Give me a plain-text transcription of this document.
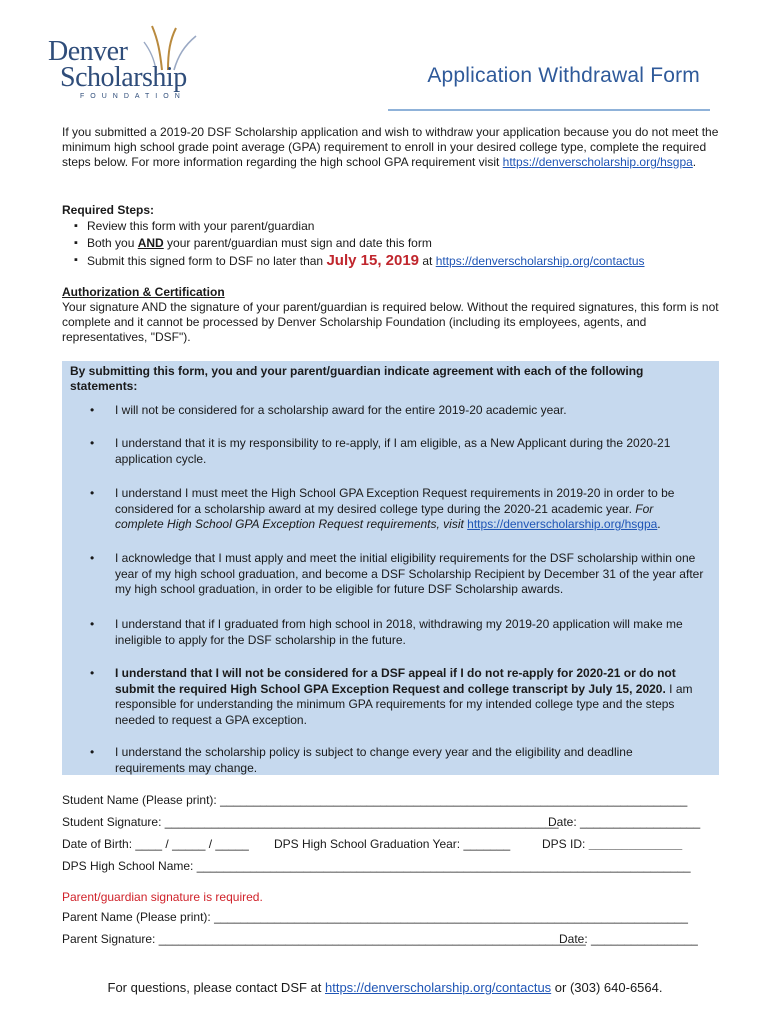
Denver
Scholarship
FOUNDATION
Application Withdrawal Form
If you submitted a 2019-20 DSF Scholarship application and wish to withdraw your application because you do not meet the minimum high school grade point average (GPA) requirement to enroll in your desired college type, complete the required steps below. For more information regarding the high school GPA requirement visit https://denverscholarship.org/hsgpa.
Required Steps:
▪ Review this form with your parent/guardian
▪ Both you AND your parent/guardian must sign and date this form
▪ Submit this signed form to DSF no later than July 15, 2019 at https://denverscholarship.org/contactus
Authorization & Certification
Your signature AND the signature of your parent/guardian is required below. Without the required signatures, this form is not complete and it cannot be processed by Denver Scholarship Foundation (including its employees, agents, and representatives, "DSF").
By submitting this form, you and your parent/guardian indicate agreement with each of the following statements:
• I will not be considered for a scholarship award for the entire 2019-20 academic year.
• I understand that it is my responsibility to re-apply, if I am eligible, as a New Applicant during the 2020-21 application cycle.
• I understand I must meet the High School GPA Exception Request requirements in 2019-20 in order to be considered for a scholarship award at my desired college type during the 2020-21 academic year. For complete High School GPA Exception Request requirements, visit https://denverscholarship.org/hsgpa.
• I acknowledge that I must apply and meet the initial eligibility requirements for the DSF scholarship within one year of my high school graduation, and become a DSF Scholarship Recipient by December 31 of the year after my high school graduation, in order to be eligible for future DSF Scholarship awards.
• I understand that if I graduated from high school in 2018, withdrawing my 2019-20 application will make me ineligible to apply for the DSF scholarship in the future.
• I understand that I will not be considered for a DSF appeal if I do not re-apply for 2020-21 or do not submit the required High School GPA Exception Request and college transcript by July 15, 2020. I am responsible for understanding the minimum GPA requirements for my intended college type and the steps needed to request a GPA exception.
• I understand the scholarship policy is subject to change every year and the eligibility and deadline requirements may change.
Student Name (Please print): ______________________________________________________________________
Student Signature: ___________________________________________________________
Date: __________________
Date of Birth: ____ / _____ / _____ DPS High School Graduation Year: _______	DPS ID: ______________
DPS High School Name: __________________________________________________________________________
Parent/guardian signature is required.
Parent Name (Please print): _______________________________________________________________________
Parent Signature: ________________________________________________________________
Date: ________________
For questions, please contact DSF at https://denverscholarship.org/contactus or (303) 640-6564.
